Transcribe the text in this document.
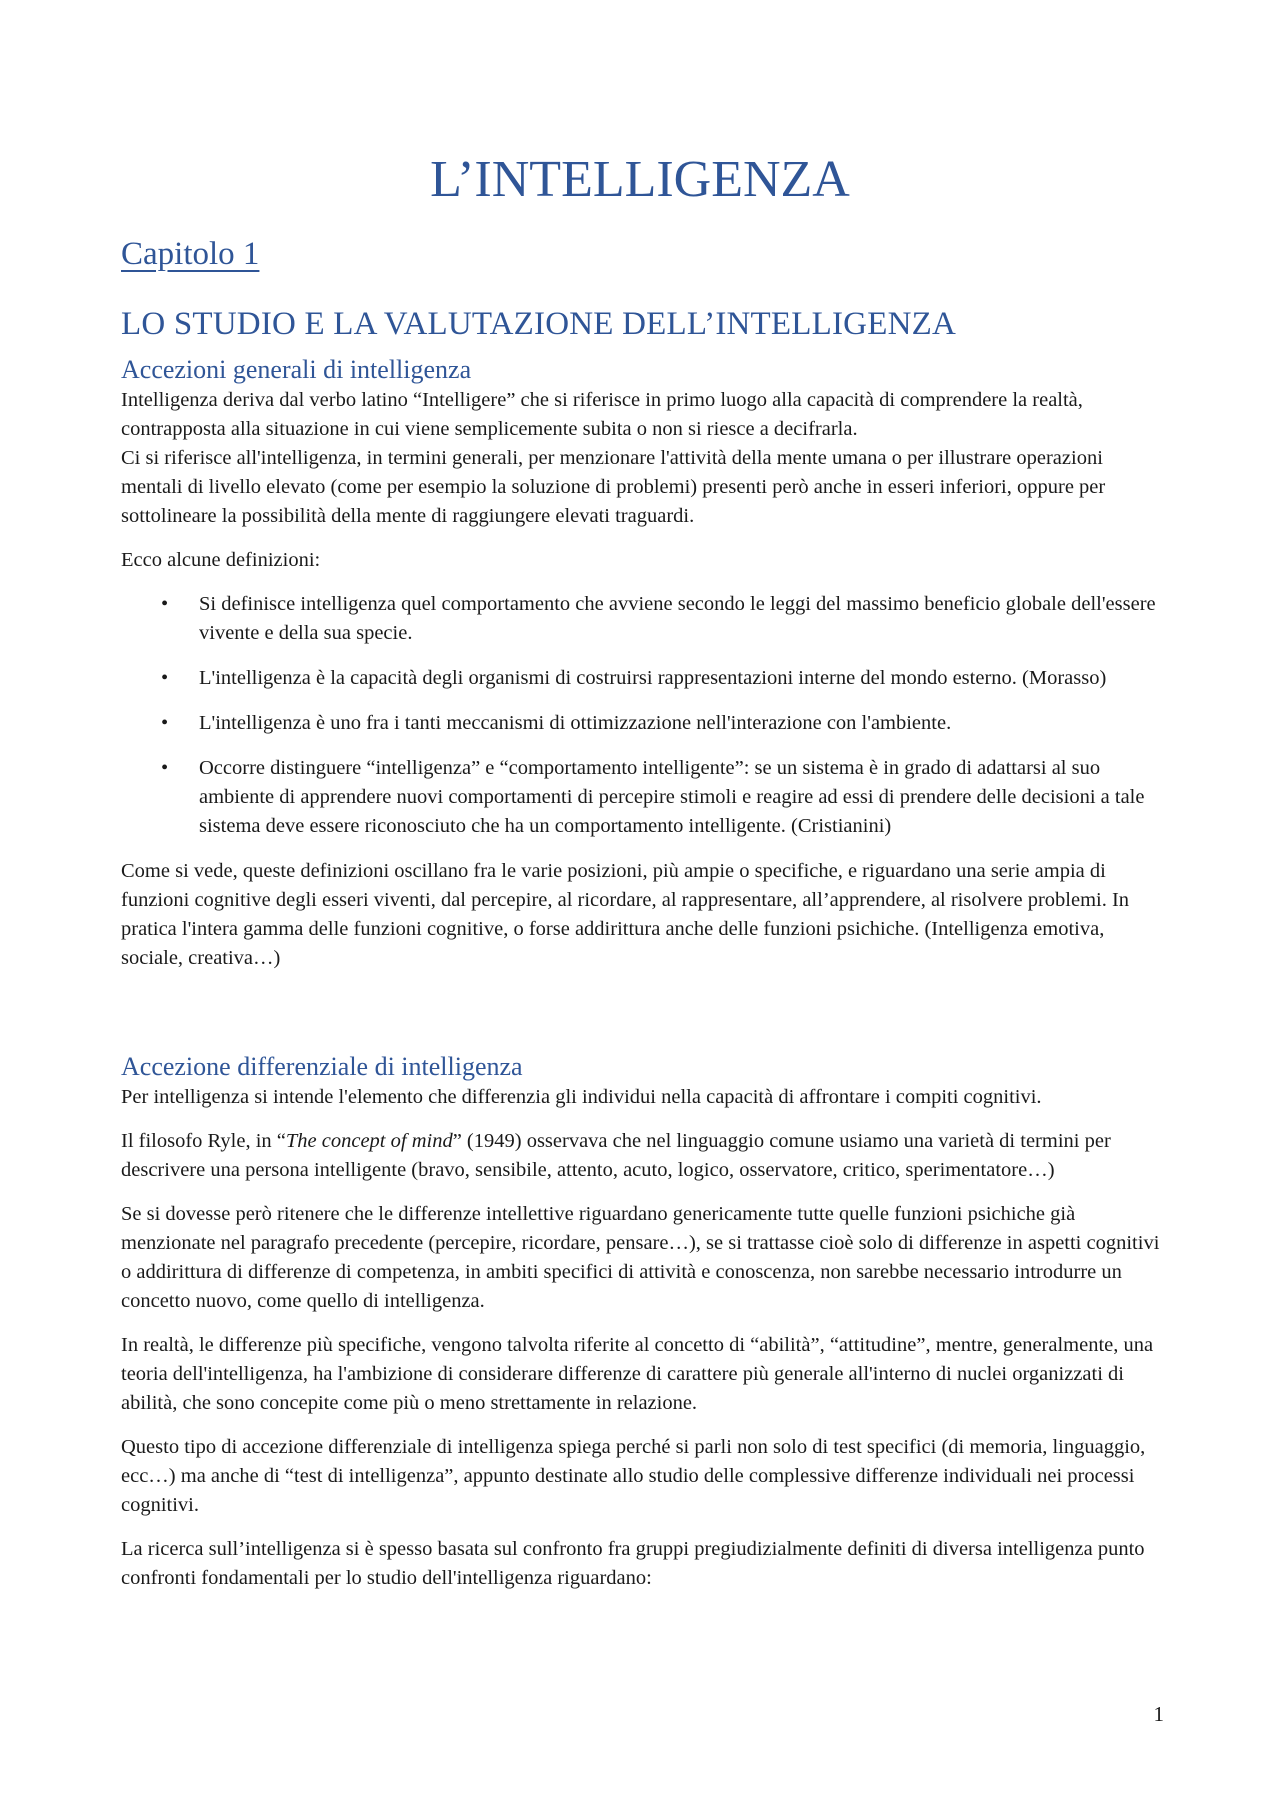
L’INTELLIGENZA
Capitolo 1
LO STUDIO E LA VALUTAZIONE DELL’INTELLIGENZA
Accezioni generali di intelligenza

Intelligenza deriva dal verbo latino “Intelligere” che si riferisce in primo luogo alla capacità di comprendere la realtà, contrapposta alla situazione in cui viene semplicemente subita o non si riesce a decifrarla.

Ci si riferisce all'intelligenza, in termini generali, per menzionare l'attività della mente umana o per illustrare operazioni mentali di livello elevato (come per esempio la soluzione di problemi) presenti però anche in esseri inferiori, oppure per sottolineare la possibilità della mente di raggiungere elevati traguardi.

Ecco alcune definizioni:

• Si definisce intelligenza quel comportamento che avviene secondo le leggi del massimo beneficio globale dell'essere vivente e della sua specie.
• L'intelligenza è la capacità degli organismi di costruirsi rappresentazioni interne del mondo esterno. (Morasso)
• L'intelligenza è uno fra i tanti meccanismi di ottimizzazione nell'interazione con l'ambiente.
• Occorre distinguere “intelligenza” e “comportamento intelligente”: se un sistema è in grado di adattarsi al suo ambiente di apprendere nuovi comportamenti di percepire stimoli e reagire ad essi di prendere delle decisioni a tale sistema deve essere riconosciuto che ha un comportamento intelligente. (Cristianini)

Come si vede, queste definizioni oscillano fra le varie posizioni, più ampie o specifiche, e riguardano una serie ampia di funzioni cognitive degli esseri viventi, dal percepire, al ricordare, al rappresentare, all’apprendere, al risolvere problemi. In pratica l'intera gamma delle funzioni cognitive, o forse addirittura anche delle funzioni psichiche. (Intelligenza emotiva, sociale, creativa…)

Accezione differenziale di intelligenza

Per intelligenza si intende l'elemento che differenzia gli individui nella capacità di affrontare i compiti cognitivi.

Il filosofo Ryle, in “The concept of mind” (1949) osservava che nel linguaggio comune usiamo una varietà di termini per descrivere una persona intelligente (bravo, sensibile, attento, acuto, logico, osservatore, critico, sperimentatore…)

Se si dovesse però ritenere che le differenze intellettive riguardano genericamente tutte quelle funzioni psichiche già menzionate nel paragrafo precedente (percepire, ricordare, pensare…), se si trattasse cioè solo di differenze in aspetti cognitivi o addirittura di differenze di competenza, in ambiti specifici di attività e conoscenza, non sarebbe necessario introdurre un concetto nuovo, come quello di intelligenza.

In realtà, le differenze più specifiche, vengono talvolta riferite al concetto di “abilità”, “attitudine”, mentre, generalmente, una teoria dell'intelligenza, ha l'ambizione di considerare differenze di carattere più generale all'interno di nuclei organizzati di abilità, che sono concepite come più o meno strettamente in relazione.

Questo tipo di accezione differenziale di intelligenza spiega perché si parli non solo di test specifici (di memoria, linguaggio, ecc…) ma anche di “test di intelligenza”, appunto destinate allo studio delle complessive differenze individuali nei processi cognitivi.

La ricerca sull’intelligenza si è spesso basata sul confronto fra gruppi pregiudizialmente definiti di diversa intelligenza punto confronti fondamentali per lo studio dell'intelligenza riguardano:

1
